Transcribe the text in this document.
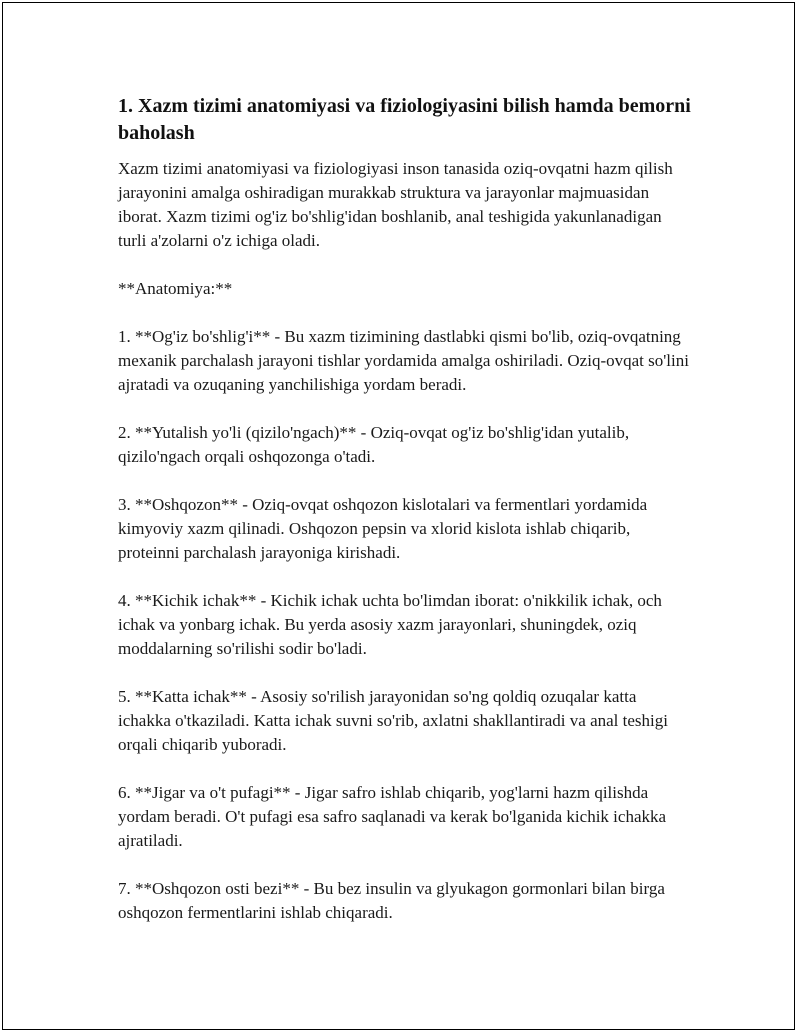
1. Xazm tizimi anatomiyasi va fiziologiyasini bilish hamda bemorni baholash

Xazm tizimi anatomiyasi va fiziologiyasi inson tanasida oziq-ovqatni hazm qilish jarayonini amalga oshiradigan murakkab struktura va jarayonlar majmuasidan iborat. Xazm tizimi og'iz bo'shlig'idan boshlanib, anal teshigida yakunlanadigan turli a'zolarni o'z ichiga oladi.

**Anatomiya:**

1. **Og'iz bo'shlig'i** - Bu xazm tizimining dastlabki qismi bo'lib, oziq-ovqatning mexanik parchalash jarayoni tishlar yordamida amalga oshiriladi. Oziq-ovqat so'lini ajratadi va ozuqaning yanchilishiga yordam beradi.

2. **Yutalish yo'li (qizilo'ngach)** - Oziq-ovqat og'iz bo'shlig'idan yutalib, qizilo'ngach orqali oshqozonga o'tadi.

3. **Oshqozon** - Oziq-ovqat oshqozon kislotalari va fermentlari yordamida kimyoviy xazm qilinadi. Oshqozon pepsin va xlorid kislota ishlab chiqarib, proteinni parchalash jarayoniga kirishadi.

4. **Kichik ichak** - Kichik ichak uchta bo'limdan iborat: o'nikkilik ichak, och ichak va yonbarg ichak. Bu yerda asosiy xazm jarayonlari, shuningdek, oziq moddalarning so'rilishi sodir bo'ladi.

5. **Katta ichak** - Asosiy so'rilish jarayonidan so'ng qoldiq ozuqalar katta ichakka o'tkaziladi. Katta ichak suvni so'rib, axlatni shakllantiradi va anal teshigi orqali chiqarib yuboradi.

6. **Jigar va o't pufagi** - Jigar safro ishlab chiqarib, yog'larni hazm qilishda yordam beradi. O't pufagi esa safro saqlanadi va kerak bo'lganida kichik ichakka ajratiladi.

7. **Oshqozon osti bezi** - Bu bez insulin va glyukagon gormonlari bilan birga oshqozon fermentlarini ishlab chiqaradi.
